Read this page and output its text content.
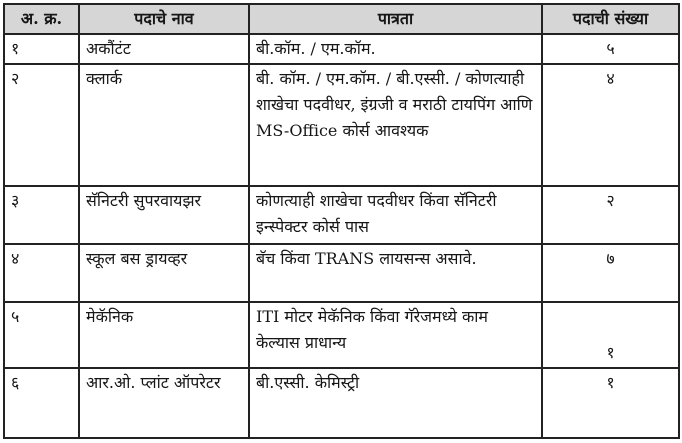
अ. क्र.	पदाचे नाव	पात्रता	पदाची संख्या
१	अकौंटंट	बी.कॉम. / एम.कॉम.	५
२	क्लार्क	बी. कॉम. / एम.कॉम. / बी.एस्सी. / कोणत्याही शाखेचा पदवीधर, इंग्रजी व मराठी टायपिंग आणि MS-Office कोर्स आवश्यक	४
३	सॅनिटरी सुपरवायझर	कोणत्याही शाखेचा पदवीधर किंवा सॅनिटरी इन्स्पेक्टर कोर्स पास	२
४	स्कूल बस ड्रायव्हर	बॅच किंवा TRANS लायसन्स असावे.	७
५	मेकॅनिक	ITI मोटर मेकॅनिक किंवा गॅरेजमध्ये काम केल्यास प्राधान्य	१

६	आर.ओ. प्लांट ऑपरेटर	बी.एस्सी. केमिस्ट्री	१
